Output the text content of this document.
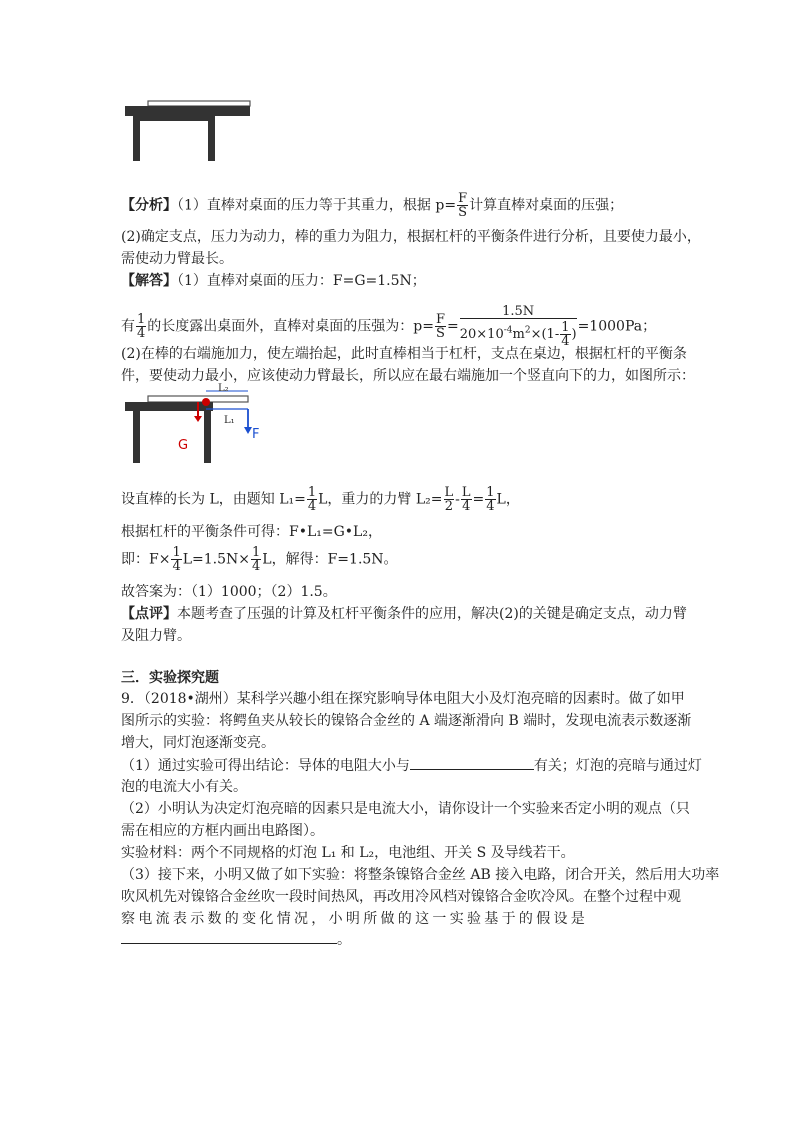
【分析】（1）直棒对桌面的压力等于其重力，根据 $p= \frac{F}{S}$ 计算直棒对桌面的压强；
(2)确定支点，压力为动力，棒的重力为阻力，根据杠杆的平衡条件进行分析，且要使力最小，
需使动力臂最长。
【解答】（1）直棒对桌面的压力：F=G=1.5N；
有 $\frac{1}{4}$ 的长度露出桌面外，直棒对桌面的压强为：$p= \frac{F}{S} = \frac{1.5N}{20\times 10^{-4}m^2\times(1- \frac{1}{4} )} =1000Pa$；
(2)在棒的右端施加力，使左端抬起，此时直棒相当于杠杆，支点在桌边，根据杠杆的平衡条
件，要使动力最小，应该使动力臂最长，所以应在最右端施加一个竖直向下的力，如图所示：
L₂
L₁
F
G
设直棒的长为 L，由题知 $L_1= \frac{1}{4}$ L，重力的力臂 $L_2= \frac{L}{2} - \frac{L}{4} = \frac{1}{4}$ L，
根据杠杆的平衡条件可得：F•L₁=G•L₂，
即：$F\times \frac{1}{4} L=1.5N\times \frac{1}{4}$ L，解得：F=1.5N。
故答案为：（1）1000；（2）1.5。
【点评】本题考查了压强的计算及杠杆平衡条件的应用，解决(2)的关键是确定支点，动力臂
及阻力臂。
三．实验探究题
9．（2018•湖州）某科学兴趣小组在探究影响导体电阻大小及灯泡亮暗的因素时。做了如甲
图所示的实验：将鳄鱼夹从较长的镍铬合金丝的 A 端逐渐滑向 B 端时，发现电流表示数逐渐
增大，同灯泡逐渐变亮。
（1）通过实验可得出结论：导体的电阻大小与	有关；灯泡的亮暗与通过灯
泡的电流大小有关。
（2）小明认为决定灯泡亮暗的因素只是电流大小，请你设计一个实验来否定小明的观点（只
需在相应的方框内画出电路图）。
实验材料：两个不同规格的灯泡 L₁ 和 L₂，电池组、开关 S 及导线若干。
（3）接下来，小明又做了如下实验：将整条镍铬合金丝 AB 接入电路，闭合开关，然后用大功率
吹风机先对镍铬合金丝吹一段时间热风，再改用冷风档对镍铬合金吹冷风。在整个过程中观
察电流表示数的变化情况，小明所做的这一实验基于的假设是
。
